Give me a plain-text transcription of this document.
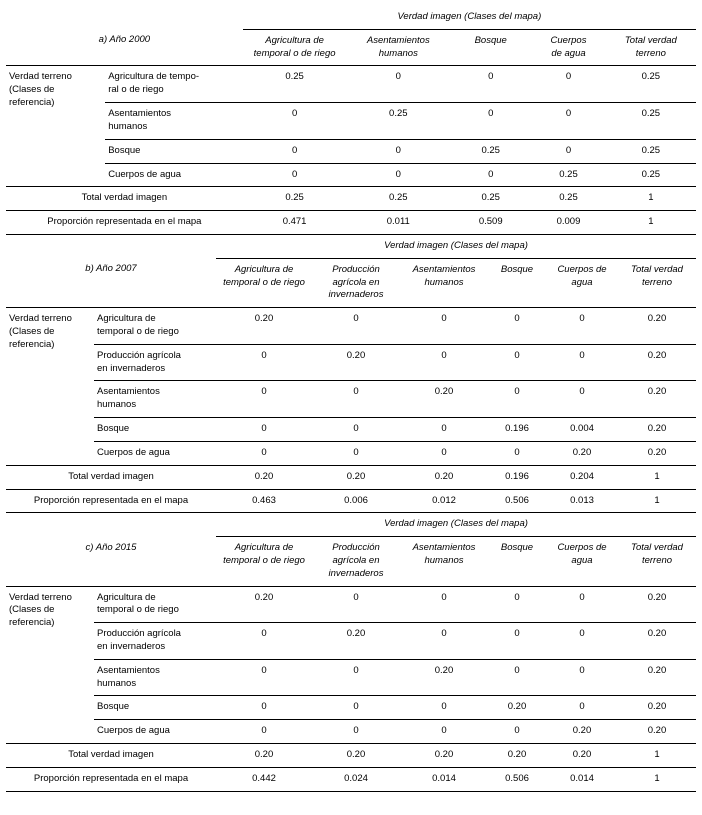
		Verdad imagen (Clases del mapa)				
a) Año 2000		Agricultura de
temporal o de riego	Asentamientos
humanos	Bosque	Cuerpos
de agua	Total verdad
terreno

Verdad terreno
(Clases de
referencia)
	Agricultura de tempo-
ral o de riego	0.25	0	0	0	0.25
	Asentamientos
humanos	0	0.25	0	0	0.25
	Bosque	0	0	0.25	0	0.25
	Cuerpos de agua	0	0	0	0.25	0.25
Total verdad imagen		0.25	0.25	0.25	0.25	1
Proporción representada en el mapa		0.471	0.011	0.509	0.009	1
		Verdad imagen (Clases del mapa)					
b) Año 2007		Agricultura de
temporal o de riego	Producción
agrícola en
invernaderos	Asentamientos
humanos	Bosque	Cuerpos de
agua	Total verdad
terreno

Verdad terreno
(Clases de
referencia)
	Agricultura de
temporal o de riego	0.20	0	0	0	0	0.20
	Producción agrícola
en invernaderos	0	0.20	0	0	0	0.20
	Asentamientos
humanos	0	0	0.20	0	0	0.20
	Bosque	0	0	0	0.196	0.004	0.20
	Cuerpos de agua	0	0	0	0	0.20	0.20
Total verdad imagen		0.20	0.20	0.20	0.196	0.204	1
Proporción representada en el mapa		0.463	0.006	0.012	0.506	0.013	1
		Verdad imagen (Clases del mapa)					
c) Año 2015		Agricultura de
temporal o de riego	Producción
agrícola en
invernaderos	Asentamientos
humanos	Bosque	Cuerpos de
agua	Total verdad
terreno

Verdad terreno
(Clases de
referencia)
	Agricultura de
temporal o de riego	0.20	0	0	0	0	0.20
	Producción agrícola
en invernaderos	0	0.20	0	0	0	0.20
	Asentamientos
humanos	0	0	0.20	0	0	0.20
	Bosque	0	0	0	0.20	0	0.20
	Cuerpos de agua	0	0	0	0	0.20	0.20
Total verdad imagen		0.20	0.20	0.20	0.20	0.20	1
Proporción representada en el mapa		0.442	0.024	0.014	0.506	0.014	1
